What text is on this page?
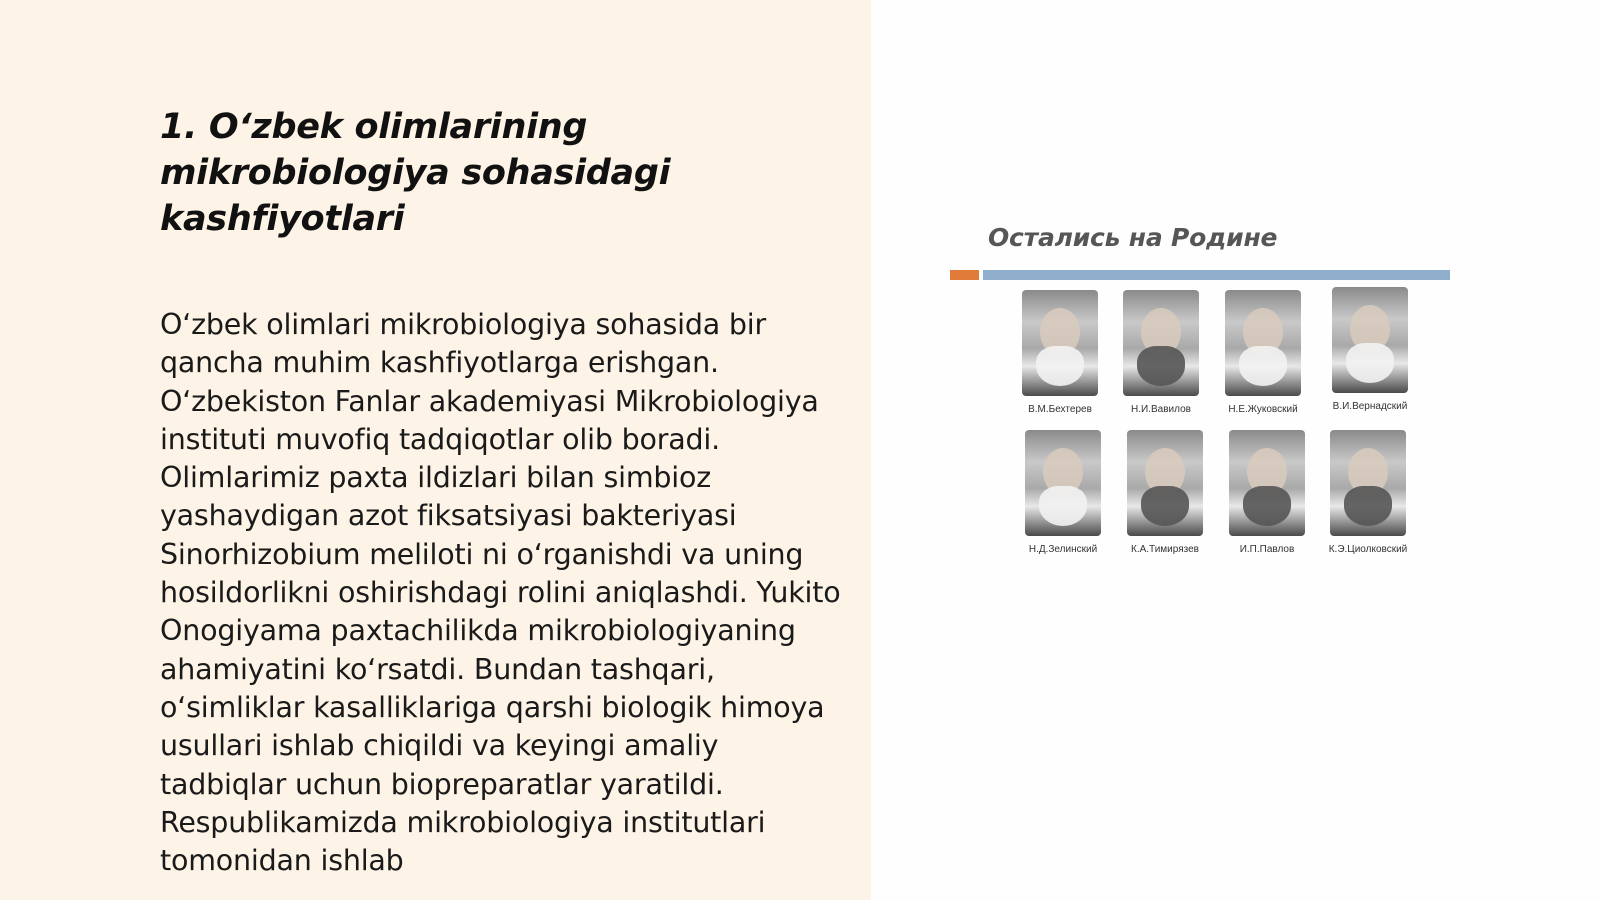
1. Oʻzbek olimlarining mikrobiologiya sohasidagi kashfiyotlari

Oʻzbek olimlari mikrobiologiya sohasida bir qancha muhim kashfiyotlarga erishgan. Oʻzbekiston Fanlar akademiyasi Mikrobiologiya instituti muvofiq tadqiqotlar olib boradi. Olimlarimiz paxta ildizlari bilan simbioz yashaydigan azot fiksatsiyasi bakteriyasi Sinorhizobium meliloti ni oʻrganishdi va uning hosildorlikni oshirishdagi rolini aniqlashdi. Yukito Onogiyama paxtachilikda mikrobiologiyaning ahamiyatini koʻrsatdi. Bundan tashqari, oʻsimliklar kasalliklariga qarshi biologik himoya usullari ishlab chiqildi va keyingi amaliy tadbiqlar uchun biopreparatlar yaratildi. Respublikamizda mikrobiologiya institutlari tomonidan ishlab

Остались на Родине

В.М.Бехтерев	Н.И.Вавилов	Н.Е.Жуковский	В.И.Вернадский
Н.Д.Зелинский	К.А.Тимирязев	И.П.Павлов	К.Э.Циолковский
